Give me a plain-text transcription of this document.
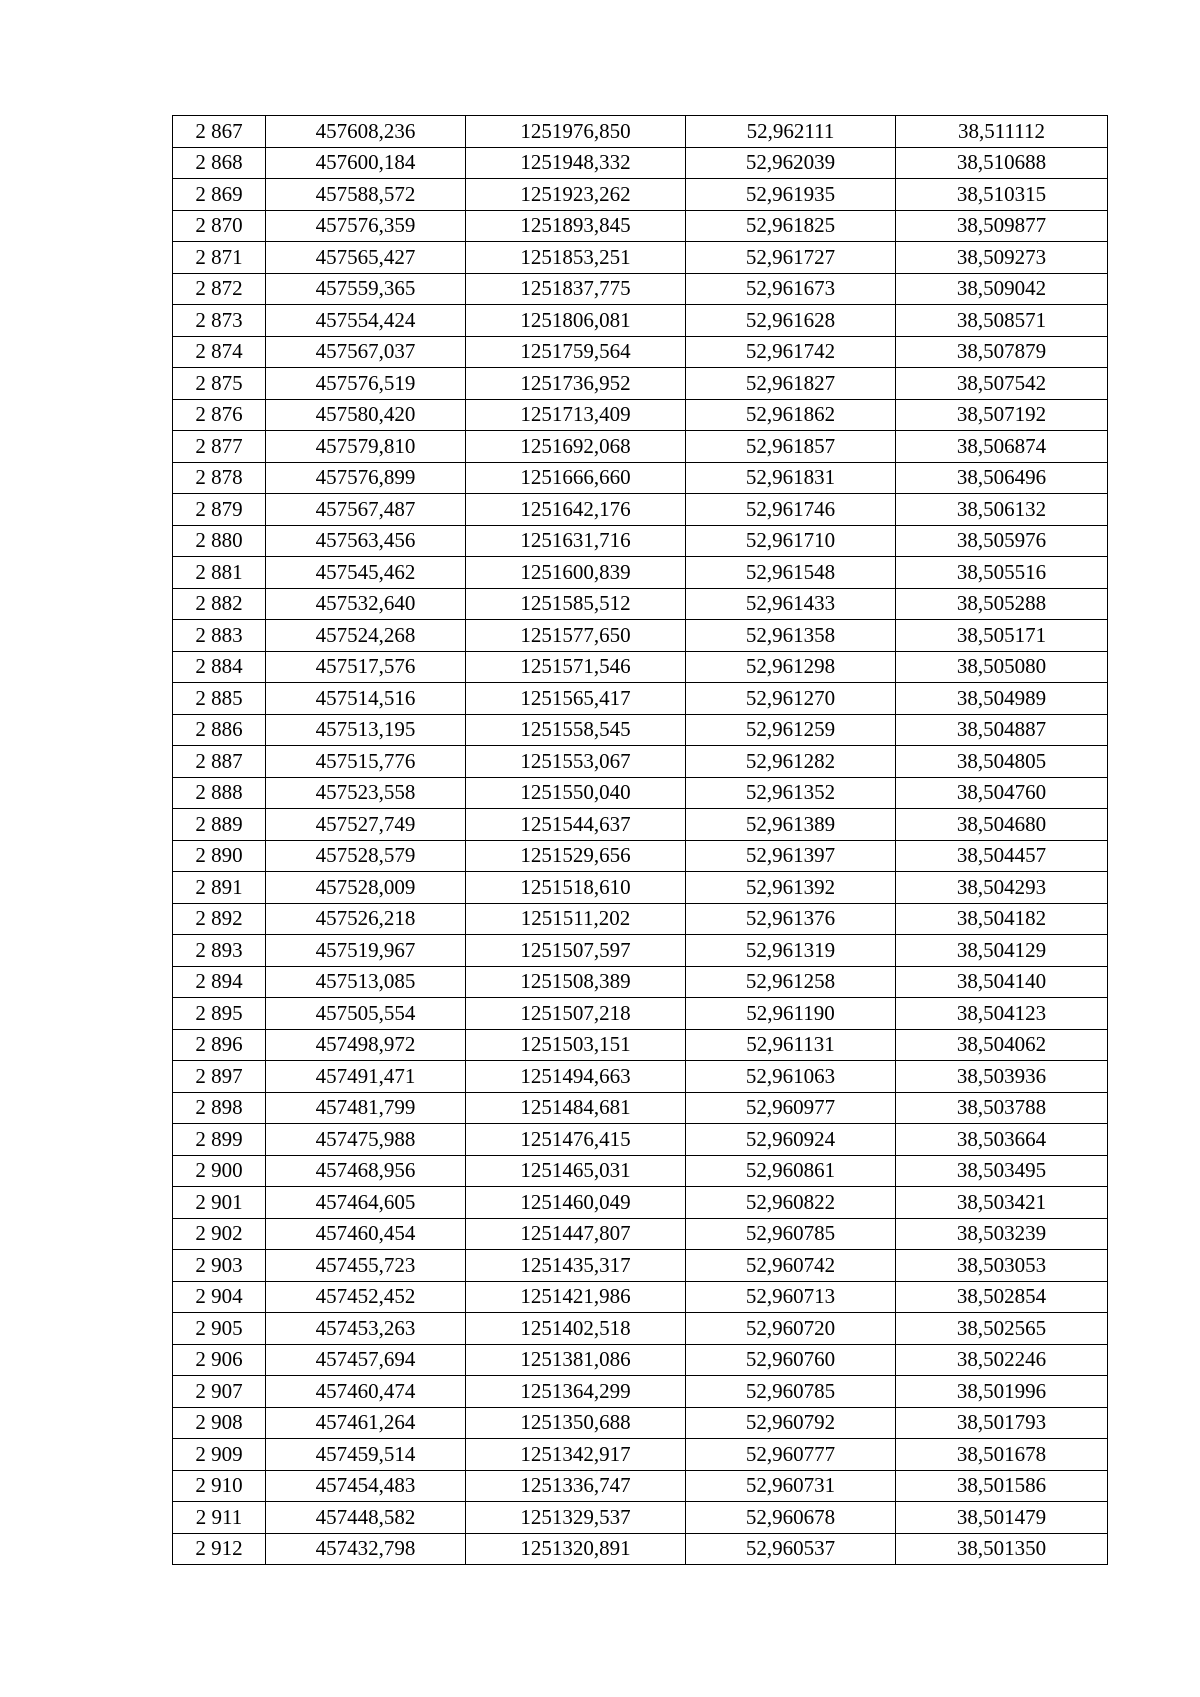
2 867	457608,236	1251976,850	52,962111	38,511112
2 868	457600,184	1251948,332	52,962039	38,510688
2 869	457588,572	1251923,262	52,961935	38,510315
2 870	457576,359	1251893,845	52,961825	38,509877
2 871	457565,427	1251853,251	52,961727	38,509273
2 872	457559,365	1251837,775	52,961673	38,509042
2 873	457554,424	1251806,081	52,961628	38,508571
2 874	457567,037	1251759,564	52,961742	38,507879
2 875	457576,519	1251736,952	52,961827	38,507542
2 876	457580,420	1251713,409	52,961862	38,507192
2 877	457579,810	1251692,068	52,961857	38,506874
2 878	457576,899	1251666,660	52,961831	38,506496
2 879	457567,487	1251642,176	52,961746	38,506132
2 880	457563,456	1251631,716	52,961710	38,505976
2 881	457545,462	1251600,839	52,961548	38,505516
2 882	457532,640	1251585,512	52,961433	38,505288
2 883	457524,268	1251577,650	52,961358	38,505171
2 884	457517,576	1251571,546	52,961298	38,505080
2 885	457514,516	1251565,417	52,961270	38,504989
2 886	457513,195	1251558,545	52,961259	38,504887
2 887	457515,776	1251553,067	52,961282	38,504805
2 888	457523,558	1251550,040	52,961352	38,504760
2 889	457527,749	1251544,637	52,961389	38,504680
2 890	457528,579	1251529,656	52,961397	38,504457
2 891	457528,009	1251518,610	52,961392	38,504293
2 892	457526,218	1251511,202	52,961376	38,504182
2 893	457519,967	1251507,597	52,961319	38,504129
2 894	457513,085	1251508,389	52,961258	38,504140
2 895	457505,554	1251507,218	52,961190	38,504123
2 896	457498,972	1251503,151	52,961131	38,504062
2 897	457491,471	1251494,663	52,961063	38,503936
2 898	457481,799	1251484,681	52,960977	38,503788
2 899	457475,988	1251476,415	52,960924	38,503664
2 900	457468,956	1251465,031	52,960861	38,503495
2 901	457464,605	1251460,049	52,960822	38,503421
2 902	457460,454	1251447,807	52,960785	38,503239
2 903	457455,723	1251435,317	52,960742	38,503053
2 904	457452,452	1251421,986	52,960713	38,502854
2 905	457453,263	1251402,518	52,960720	38,502565
2 906	457457,694	1251381,086	52,960760	38,502246
2 907	457460,474	1251364,299	52,960785	38,501996
2 908	457461,264	1251350,688	52,960792	38,501793
2 909	457459,514	1251342,917	52,960777	38,501678
2 910	457454,483	1251336,747	52,960731	38,501586
2 911	457448,582	1251329,537	52,960678	38,501479
2 912	457432,798	1251320,891	52,960537	38,501350
